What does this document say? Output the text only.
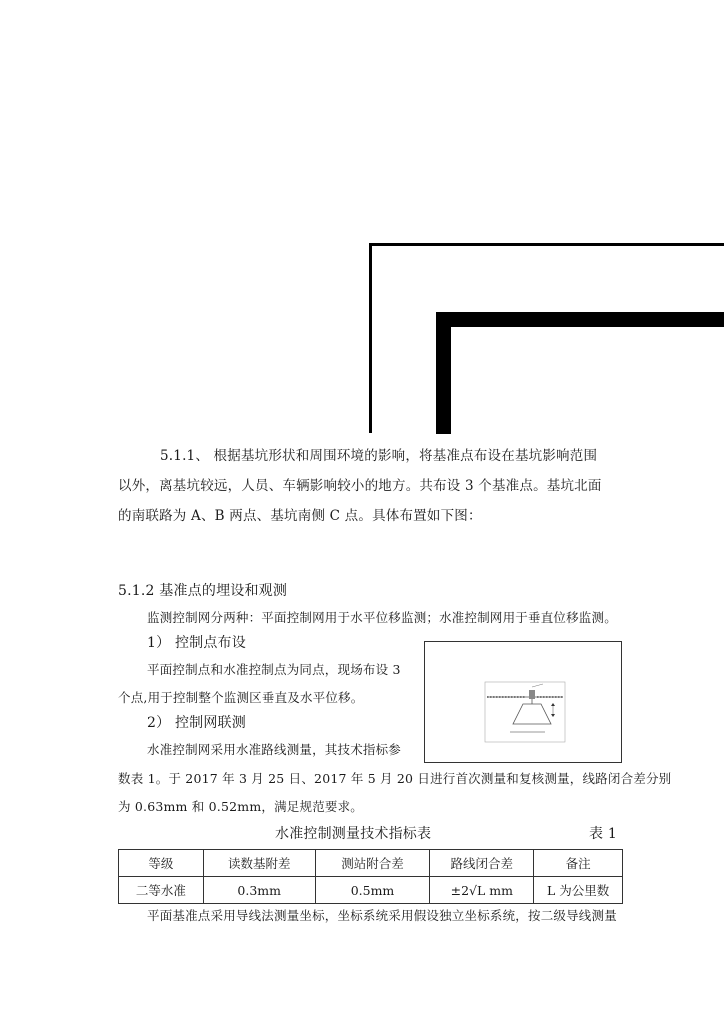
5.1.1、 根据基坑形状和周围环境的影响，将基准点布设在基坑影响范围
以外，离基坑较远，人员、车辆影响较小的地方。共布设 3 个基准点。基坑北面
的南联路为 A、B 两点、基坑南侧 C 点。具体布置如下图：
5.1.2 基准点的埋设和观测
监测控制网分两种：平面控制网用于水平位移监测；水准控制网用于垂直位移监测。
1） 控制点布设
平面控制点和水准控制点为同点，现场布设 3
个点,用于控制整个监测区垂直及水平位移。
2） 控制网联测
水准控制网采用水准路线测量，其技术指标参
数表 1。于 2017 年 3 月 25 日、2017 年 5 月 20 日进行首次测量和复核测量，线路闭合差分别
为 0.63mm 和 0.52mm，满足规范要求。
水准控制测量技术指标表	表 1
等级	读数基附差	测站附合差	路线闭合差	备注
二等水准	0.3mm	0.5mm	±2√L mm	L 为公里数
平面基准点采用导线法测量坐标，坐标系统采用假设独立坐标系统，按二级导线测量
